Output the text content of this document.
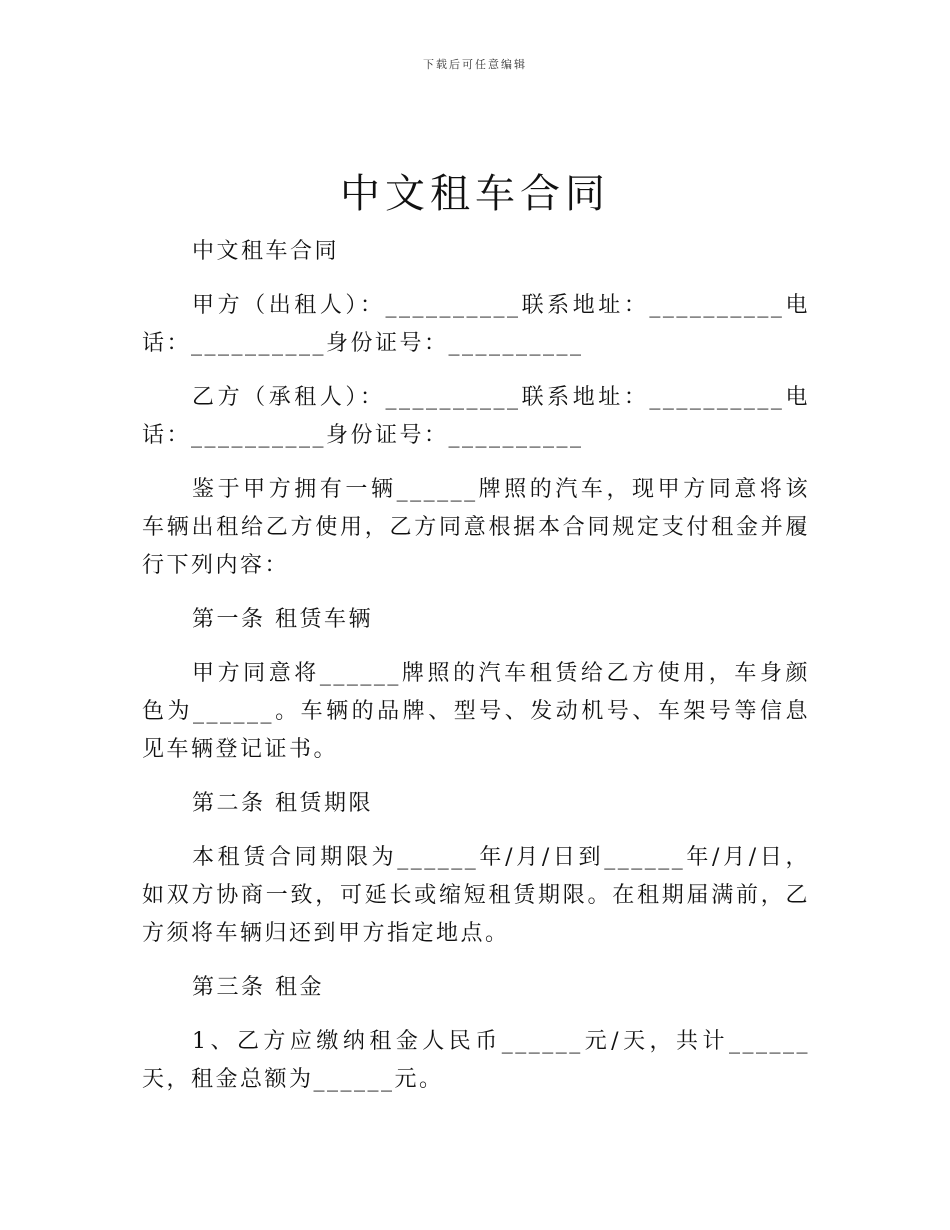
下载后可任意编辑
中文租车合同

中文租车合同

甲方（出租人）：__________联系地址：__________电话：__________身份证号：__________

乙方（承租人）：__________联系地址：__________电话：__________身份证号：__________

鉴于甲方拥有一辆______牌照的汽车，现甲方同意将该车辆出租给乙方使用，乙方同意根据本合同规定支付租金并履行下列内容：

第一条 租赁车辆

甲方同意将______牌照的汽车租赁给乙方使用，车身颜色为______。车辆的品牌、型号、发动机号、车架号等信息见车辆登记证书。

第二条 租赁期限

本租赁合同期限为______年/月/日到______年/月/日，如双方协商一致，可延长或缩短租赁期限。在租期届满前，乙方须将车辆归还到甲方指定地点。

第三条 租金

1、乙方应缴纳租金人民币______元/天，共计______天，租金总额为______元。
